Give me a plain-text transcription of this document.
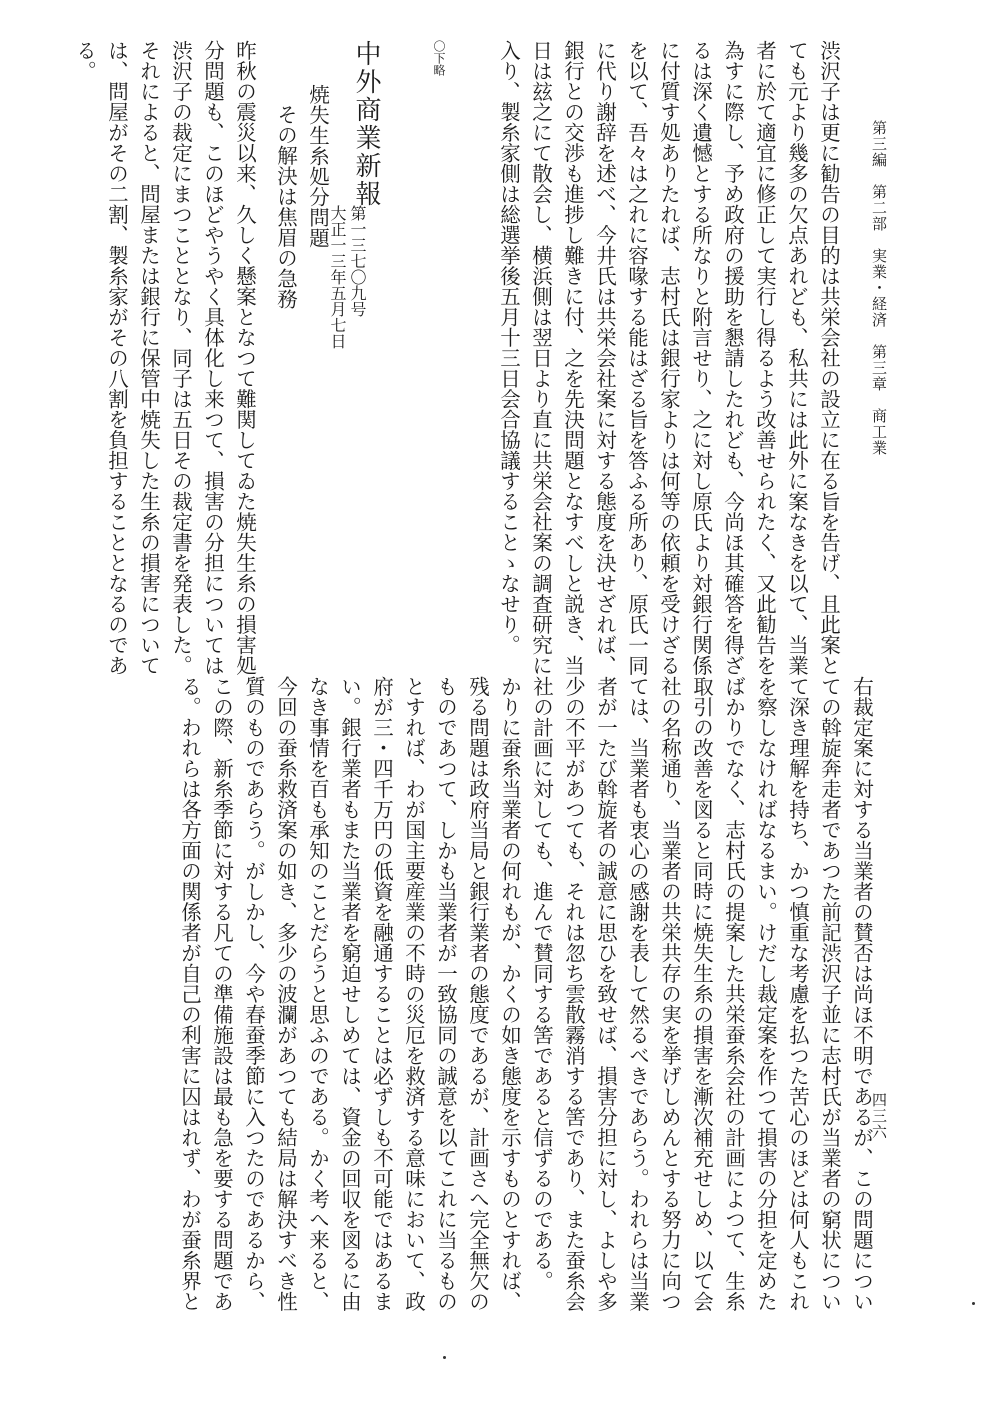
第三編　第二部　実業・経済　第三章　商工業
四三六
渋沢子は更に勧告の目的は共栄会社の設立に在る旨を告げ、且此案と
ても元より幾多の欠点あれども、私共には此外に案なきを以て、当業
者に於て適宜に修正して実行し得るよう改善せられたく、又此勧告を
為すに際し、予め政府の援助を懇請したれども、今尚ほ其確答を得ざ
るは深く遺憾とする所なりと附言せり、之に対し原氏より対銀行関係
に付質す処ありたれば、志村氏は銀行家よりは何等の依頼を受けざる
を以て、吾々は之れに容喙する能はざる旨を答ふる所あり、原氏一同
に代り謝辞を述べ、今井氏は共栄会社案に対する態度を決せざれば、
銀行との交渉も進捗し難きに付、之を先決問題となすべしと説き、当
日は玆之にて散会し、横浜側は翌日より直に共栄会社案の調査研究に
入り、製糸家側は総選挙後五月十三日会合協議することゝなせり。
〇下略
中外商業新報
第一三七〇九号
大正一三年五月七日
焼失生糸処分問題
その解決は焦眉の急務
昨秋の震災以来、久しく懸案となつて難関してゐた焼失生糸の損害処
分問題も、このほどやうやく具体化し来つて、損害の分担については
渋沢子の裁定にまつこととなり、同子は五日その裁定書を発表した。
それによると、問屋または銀行に保管中焼失した生糸の損害について
は、問屋がその二割、製糸家がその八割を負担することとなるのであ
る。
右裁定案に対する当業者の賛否は尚ほ不明であるが、この問題につい
ての斡旋奔走者であつた前記渋沢子並に志村氏が当業者の窮状につい
て深き理解を持ち、かつ慎重な考慮を払つた苦心のほどは何人もこれ
を察しなければなるまい。けだし裁定案を作つて損害の分担を定めた
ばかりでなく、志村氏の提案した共栄蚕糸会社の計画によつて、生糸
取引の改善を図ると同時に焼失生糸の損害を漸次補充せしめ、以て会
社の名称通り、当業者の共栄共存の実を挙げしめんとする努力に向つ
ては、当業者も衷心の感謝を表して然るべきであらう。われらは当業
者が一たび斡旋者の誠意に思ひを致せば、損害分担に対し、よしや多
少の不平があつても、それは忽ち雲散霧消する筈であり、また蚕糸会
社の計画に対しても、進んで賛同する筈であると信ずるのである。
かりに蚕糸当業者の何れもが、かくの如き態度を示すものとすれば、
残る問題は政府当局と銀行業者の態度であるが、計画さへ完全無欠の
ものであつて、しかも当業者が一致協同の誠意を以てこれに当るもの
とすれば、わが国主要産業の不時の災厄を救済する意味において、政
府が三・四千万円の低資を融通することは必ずしも不可能ではあるま
い。銀行業者もまた当業者を窮迫せしめては、資金の回収を図るに由
なき事情を百も承知のことだらうと思ふのである。かく考へ来ると、
今回の蚕糸救済案の如き、多少の波瀾があつても結局は解決すべき性
質のものであらう。がしかし、今や春蚕季節に入つたのであるから、
この際、新糸季節に対する凡ての準備施設は最も急を要する問題であ
る。われらは各方面の関係者が自己の利害に囚はれず、わが蚕糸界と
